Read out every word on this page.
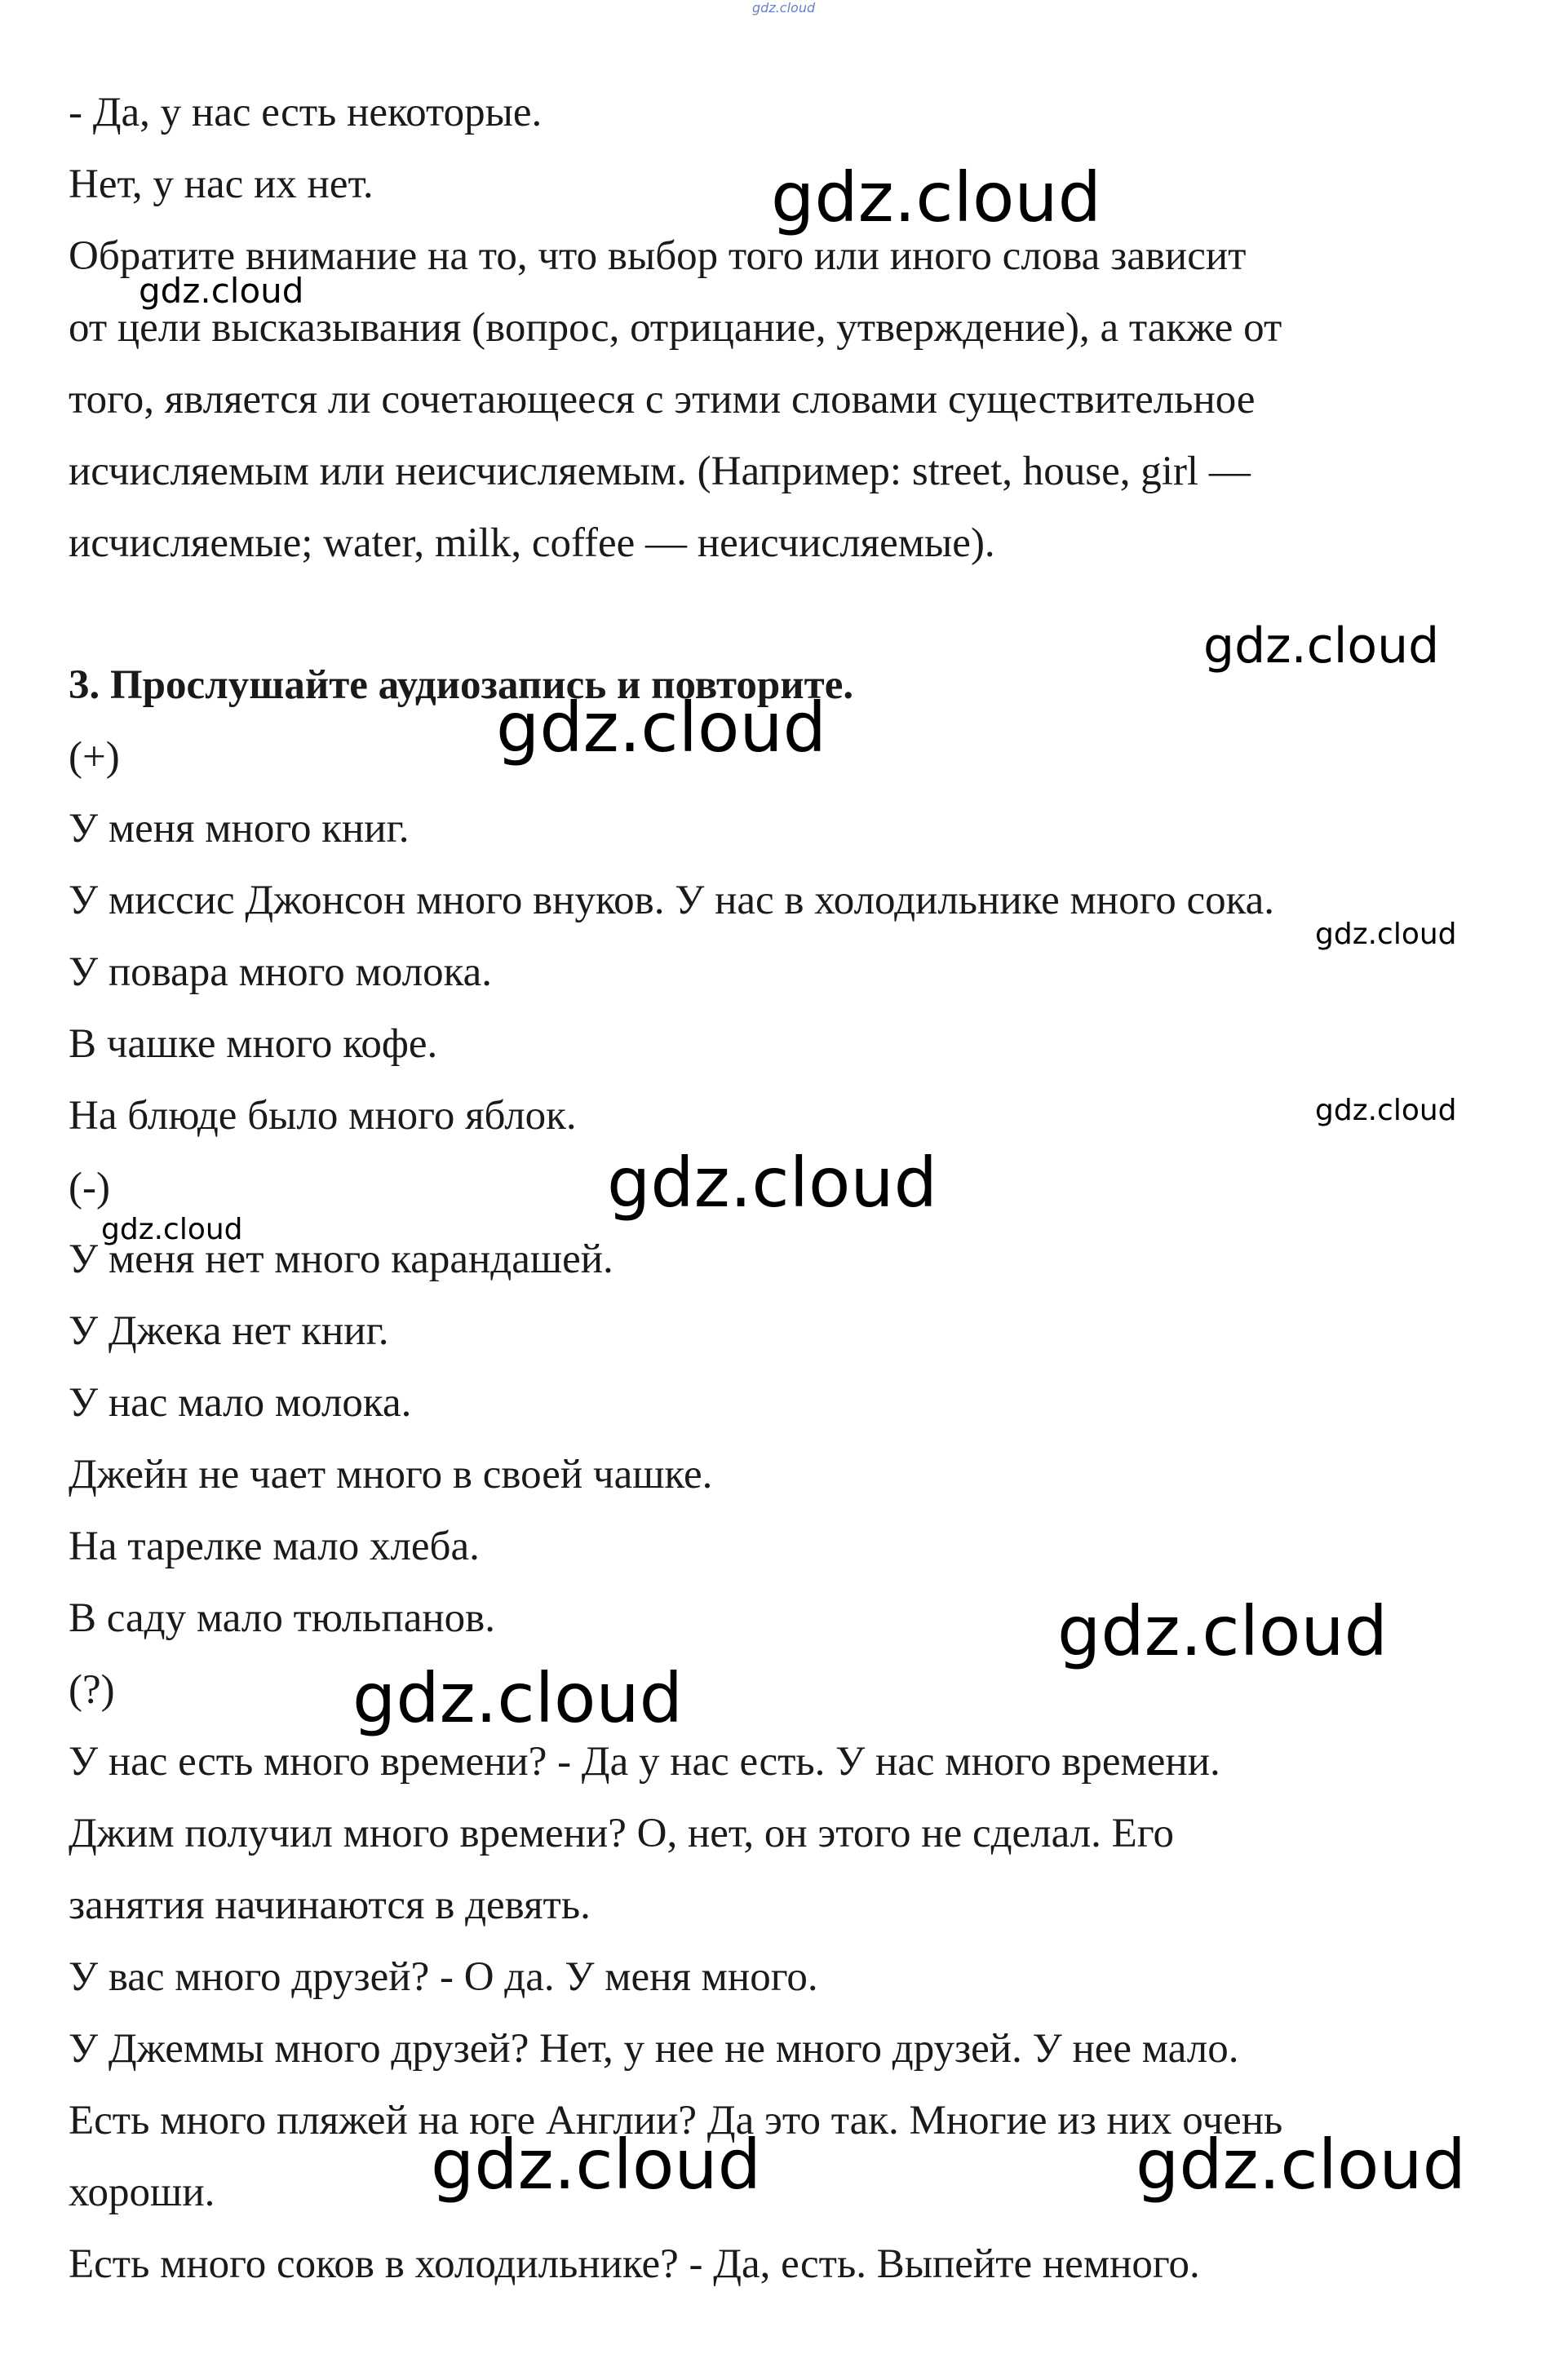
gdz.cloud
- Да, у нас есть некоторые.
Нет, у нас их нет.
Обратите внимание на то, что выбор того или иного слова зависит
от цели высказывания (вопрос, отрицание, утверждение), а также от
того, является ли сочетающееся с этими словами существительное
исчисляемым или неисчисляемым. (Например: street, house, girl —
исчисляемые; water, milk, coffee — неисчисляемые).
3. Прослушайте аудиозапись и повторите.
(+)
У меня много книг.
У миссис Джонсон много внуков. У нас в холодильнике много сока.
У повара много молока.
В чашке много кофе.
На блюде было много яблок.
(-)
У меня нет много карандашей.
У Джека нет книг.
У нас мало молока.
Джейн не чает много в своей чашке.
На тарелке мало хлеба.
В саду мало тюльпанов.
(?)
У нас есть много времени? - Да у нас есть. У нас много времени.
Джим получил много времени? О, нет, он этого не сделал. Его
занятия начинаются в девять.
У вас много друзей? - О да. У меня много.
У Джеммы много друзей? Нет, у нее не много друзей. У нее мало.
Есть много пляжей на юге Англии? Да это так. Многие из них очень
хороши.
Есть много соков в холодильнике? - Да, есть. Выпейте немного.
gdz.cloud
gdz.cloud
gdz.cloud
gdz.cloud
gdz.cloud
gdz.cloud
gdz.cloud
gdz.cloud
gdz.cloud
gdz.cloud
gdz.cloud	gdz.cloud
